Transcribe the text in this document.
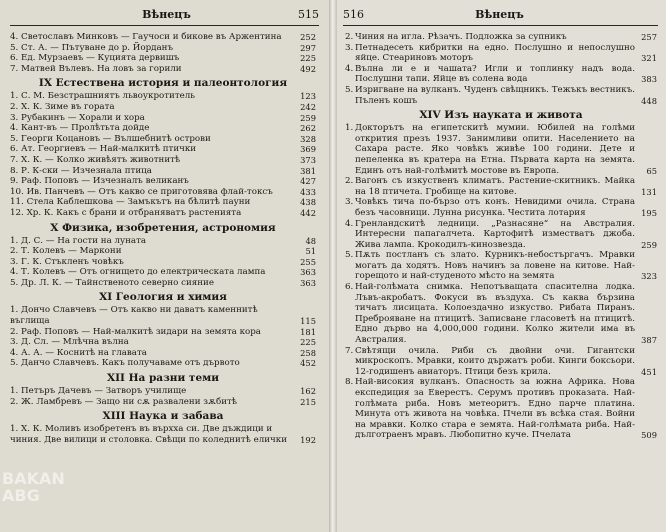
Вѣнецъ	515
4. Светославъ Минковъ — Гаучоси и бикове въ Аржентина	252
5. Ст. А. — Пътуване до р. Йорданъ	297
6. Ед. Мурзаевъ — Куцията дервишъ	225
7. Матвей Вълевъ. На ловъ за горили	492
IX Естествена история и палеонтология
1. С. М. Безстрашниятъ львоукротитель	123
2. Х. К. Зиме въ гората	242
3. Рубакинъ — Хорали и хора	259
4. Кант-въ — Пролѣтьта дойде	262
5. Георги Коцановъ — Вълшебнитѣ острови	328
6. Ат. Георгиевъ — Най-малкитѣ птички	369
7. Х. К. — Колко живѣятъ животнитѣ	373
8. Р. К-ски — Изчезнала птица	381
9. Раф. Поповъ — Изчезналъ великанъ	427
10. Ив. Панчевъ — Отъ какво се приготовява флай-токсъ	433
11. Стела Каблешкова — Замъкътъ на бѣлитѣ пауни	438
12. Хр. К. Какъ с брани и отбраняватъ растенията	442
X Физика, изобретения, астрономия
1. Д. С. — На гости на луната	48
2. Т. Колевъ — Маркони	51
3. Г. К. Стъкленъ човѣкъ	255
4. Т. Колевъ — Отъ огнището до електрическата лампа	363
5. Др. Л. К. — Тайнственото северно сияние	363
XI Геология и химия
1. Дончо Славчевъ — Отъ какво ни даватъ каменнитѣ въглища	115
2. Раф. Поповъ — Най-малкитѣ зидари на земята кора	181
3. Д. Сл. — Млѣчна вълна	225
4. А. А. — Коснитѣ на главата	258
5. Данчо Славчевъ. Какъ получаваме отъ дървото	452
XII На разни теми
1. Петъръ Дачевъ — Затворъ училище	162
2. Ж. Ламбревъ — Защо ни сѫ развалени зѫбитѣ	215
XIII Наука и забава
1. Х. К. Моливъ изобретенъ въ върхха си. Две дъждици и чиния. Две вилици и столовка. Свѣщи по коледнитѣ елички	192
BAKAN
ABG
516	Вѣнецъ
2. Чиния на игла. Рѣзачъ. Подложка за супникъ	257
3. Петнадесеть кибритки на едно. Послушно и непослушно яйце. Стеариновъ моторъ	321
4. Вълна ли е и чашата? Игли и топлинку надъ вода. Послушни тапи. Яйце въ солена вода	383
5. Изригване на вулканъ. Чуденъ свѣщникъ. Тежъкъ вестникъ. Пъленъ кошъ	448
XIV Изъ науката и живота
1. Докторътъ на египетскитѣ мумии. Юбилей на голѣми открития презъ 1937. Занимливи опити. Населението на Сахара расте. Яко човѣкъ живѣе 100 години. Дете и пепеленка въ кратера на Етна. Първата карта на земята. Единъ отъ най-голѣмитѣ мостове въ Европа.	65
2. Вагонъ съ изкуственъ климатъ. Растение-скитникъ. Майка на 18 птичета. Гробище на китове.	131
3. Човѣкъ тича по-бързо отъ конъ. Невидими очила. Страна безъ часовници. Лунна рисунка. Честита лотария	195
4. Гренландскитѣ ледници. „Разнасяне“ на Австралия. Интересни папагалчета. Картофитѣ изместватъ джоба. Жива лампа. Крокодилъ-кинозвезда.	259
5. Пѫть постланъ съ злато. Курникъ-небостъргачъ. Мравки могатъ да ходятъ. Новъ начинъ за ловене на китове. Най-горещото и най-студеното мѣсто на земята	323
6. Най-голѣмата снимка. Непотъващата спасителна лодка. Лъвъ-акробатъ. Фокуси въ въздуха. Съ каква бързина тичатъ лисицата. Колоездачно изкуство. Рибата Пиранъ. Преброяване на птицитѣ. Записване гласоветѣ на птицитѣ. Едно дърво на 4,000,000 години. Колко жители има въ Австралия.	387
7. Свѣтящи очила. Риби съ двойни очи. Гигантски микроскопъ. Мравки, които държатъ роби. Кинги боксьори. 12-годишенъ авиаторъ. Птици безъ крила.	451
8. Най-високия вулканъ. Опасность за южна Африка. Нова експедиция за Еверестъ. Серумъ противъ проказата. Най-голѣмата риба. Новъ метеоритъ. Едно парче платина. Минута отъ живота на човѣка. Пчели въ всѣка стая. Войни на мравки. Колко стара е земята. Най-голѣмата риба. Най-дълготраенъ мравъ. Любопитно куче. Пчелата	509
